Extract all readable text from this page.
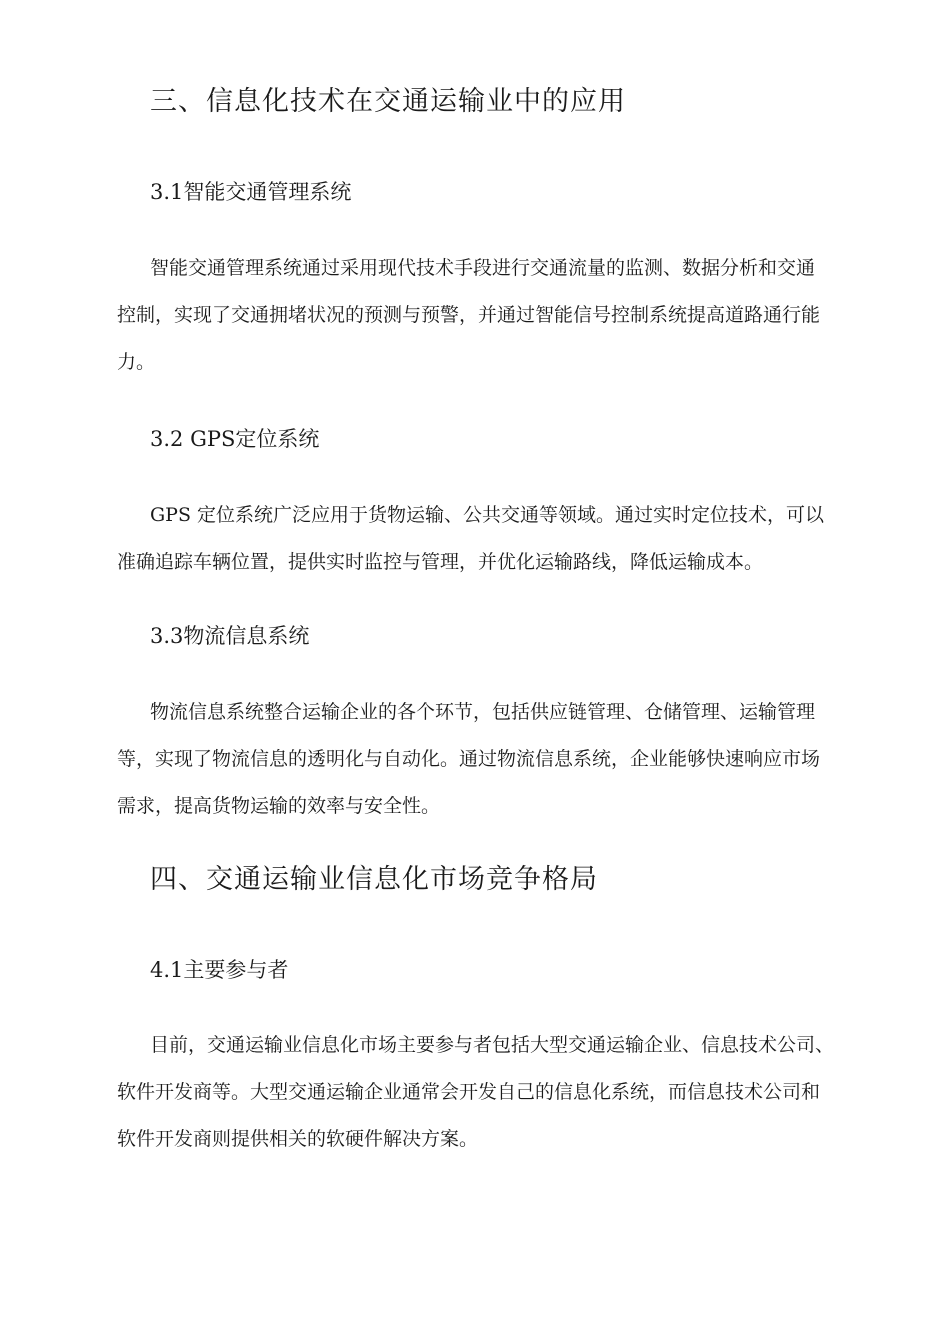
三、信息化技术在交通运输业中的应用
3.1智能交通管理系统
智能交通管理系统通过采用现代技术手段进行交通流量的监测、数据分析和交通
控制，实现了交通拥堵状况的预测与预警，并通过智能信号控制系统提高道路通行能
力。
3.2 GPS定位系统
GPS 定位系统广泛应用于货物运输、公共交通等领域。通过实时定位技术，可以
准确追踪车辆位置，提供实时监控与管理，并优化运输路线，降低运输成本。
3.3物流信息系统
物流信息系统整合运输企业的各个环节，包括供应链管理、仓储管理、运输管理
等，实现了物流信息的透明化与自动化。通过物流信息系统，企业能够快速响应市场
需求，提高货物运输的效率与安全性。
四、交通运输业信息化市场竞争格局
4.1主要参与者
目前，交通运输业信息化市场主要参与者包括大型交通运输企业、信息技术公司、
软件开发商等。大型交通运输企业通常会开发自己的信息化系统，而信息技术公司和
软件开发商则提供相关的软硬件解决方案。
